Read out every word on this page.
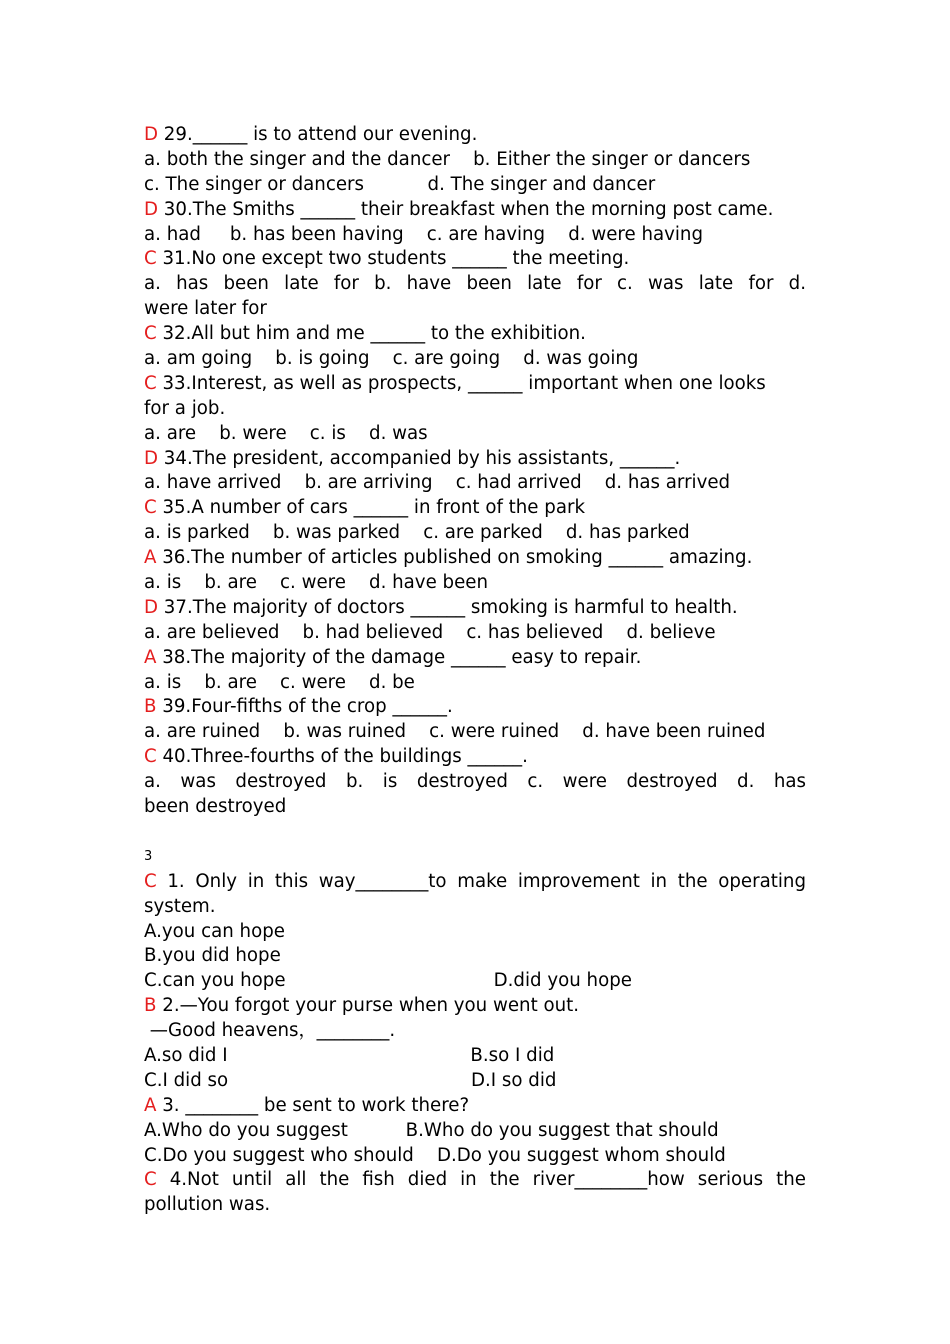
D 29.______ is to attend our evening.
a. both the singer and the dancer    b. Either the singer or dancers
c. The singer or dancers           d. The singer and dancer
D 30.The Smiths ______ their breakfast when the morning post came.
a. had     b. has been having    c. are having    d. were having
C 31.No one except two students ______ the meeting.
a. has been late for b. have been late for c. was late for d.
were later for
C 32.All but him and me ______ to the exhibition.
a. am going    b. is going    c. are going    d. was going
C 33.Interest, as well as prospects, ______ important when one looks
for a job.
a. are    b. were    c. is    d. was
D 34.The president, accompanied by his assistants, ______.
a. have arrived    b. are arriving    c. had arrived    d. has arrived
C 35.A number of cars ______ in front of the park
a. is parked    b. was parked    c. are parked    d. has parked
A 36.The number of articles published on smoking ______ amazing.
a. is    b. are    c. were    d. have been
D 37.The majority of doctors ______ smoking is harmful to health.
a. are believed    b. had believed    c. has believed    d. believe
A 38.The majority of the damage ______ easy to repair.
a. is    b. are    c. were    d. be
B 39.Four-fifths of the crop ______.
a. are ruined    b. was ruined    c. were ruined    d. have been ruined
C 40.Three-fourths of the buildings ______.
a. was destroyed b. is destroyed c. were destroyed d. has
been destroyed
3
C 1. Only in this way________to make improvement in the operating
system.
A.you can hope
B.you did hope
C.can you hope                                    D.did you hope
B 2.—You forgot your purse when you went out.
—Good heavens，________.
A.so did I                                          B.so I did
C.I did so                                          D.I so did
A 3. ________ be sent to work there?
A.Who do you suggest          B.Who do you suggest that should
C.Do you suggest who should    D.Do you suggest whom should
C 4.Not until all the fish died in the river________how serious the
pollution was.
